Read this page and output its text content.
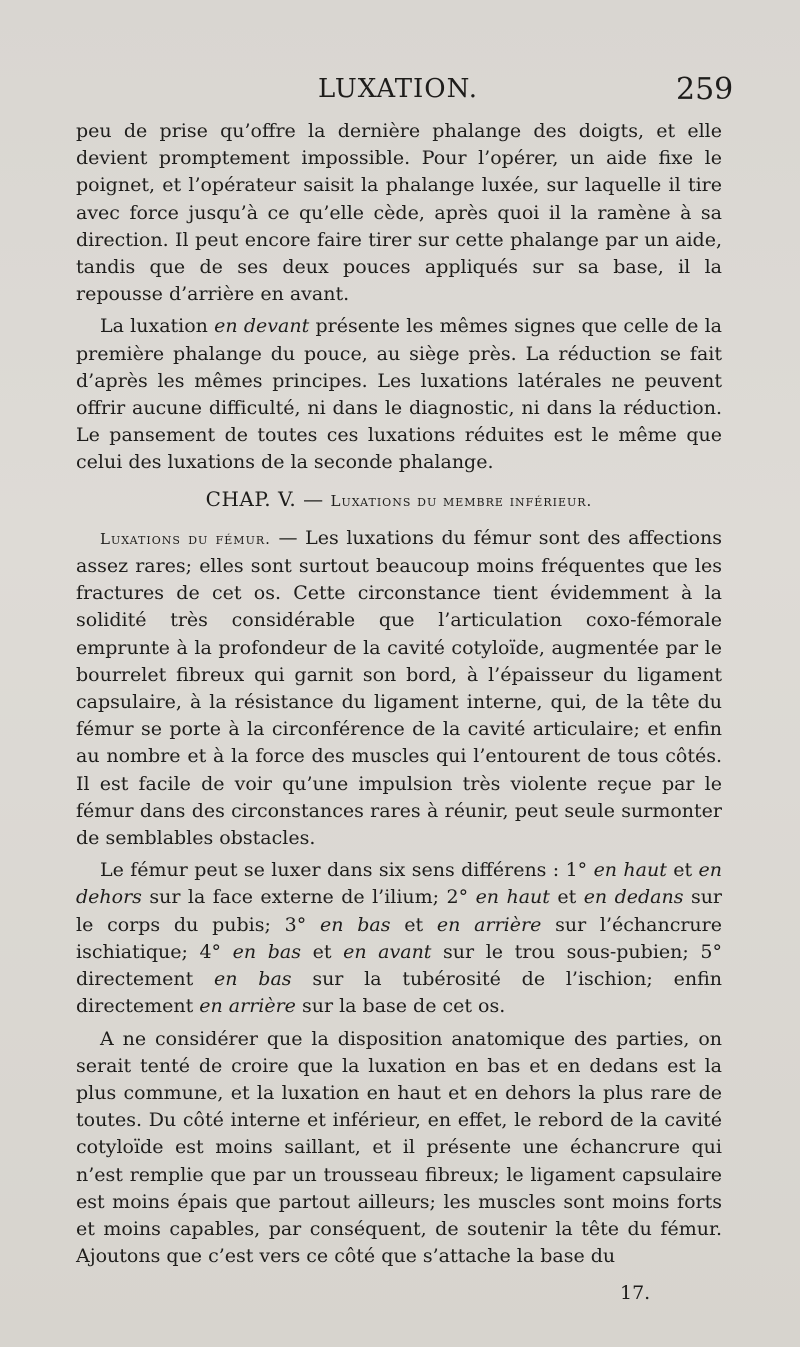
LUXATION.	259

peu de prise qu’offre la dernière phalange des doigts, et elle devient promptement impossible. Pour l’opérer, un aide fixe le poignet, et l’opérateur saisit la phalange luxée, sur laquelle il tire avec force jusqu’à ce qu’elle cède, après quoi il la ramène à sa direction. Il peut encore faire tirer sur cette phalange par un aide, tandis que de ses deux pouces appliqués sur sa base, il la repousse d’arrière en avant.

La luxation en devant présente les mêmes signes que celle de la première phalange du pouce, au siège près. La réduction se fait d’après les mêmes principes. Les luxations latérales ne peuvent offrir aucune difficulté, ni dans le diagnostic, ni dans la réduction. Le pansement de toutes ces luxations réduites est le même que celui des luxations de la seconde phalange.

CHAP. V. — Luxations du membre inférieur.

Luxations du fémur. — Les luxations du fémur sont des affections assez rares; elles sont surtout beaucoup moins fréquentes que les fractures de cet os. Cette circonstance tient évidemment à la solidité très considérable que l’articulation coxo-fémorale emprunte à la profondeur de la cavité cotyloïde, augmentée par le bourrelet fibreux qui garnit son bord, à l’épaisseur du ligament capsulaire, à la résistance du ligament interne, qui, de la tête du fémur se porte à la circonférence de la cavité articulaire; et enfin au nombre et à la force des muscles qui l’entourent de tous côtés. Il est facile de voir qu’une impulsion très violente reçue par le fémur dans des circonstances rares à réunir, peut seule surmonter de semblables obstacles.

Le fémur peut se luxer dans six sens différens : 1° en haut et en dehors sur la face externe de l’ilium; 2° en haut et en dedans sur le corps du pubis; 3° en bas et en arrière sur l’échancrure ischiatique; 4° en bas et en avant sur le trou sous-pubien; 5° directement en bas sur la tubérosité de l’ischion; enfin directement en arrière sur la base de cet os.

A ne considérer que la disposition anatomique des parties, on serait tenté de croire que la luxation en bas et en dedans est la plus commune, et la luxation en haut et en dehors la plus rare de toutes. Du côté interne et inférieur, en effet, le rebord de la cavité cotyloïde est moins saillant, et il présente une échancrure qui n’est remplie que par un trousseau fibreux; le ligament capsulaire est moins épais que partout ailleurs; les muscles sont moins forts et moins capables, par conséquent, de soutenir la tête du fémur. Ajoutons que c’est vers ce côté que s’attache la base du

17.
